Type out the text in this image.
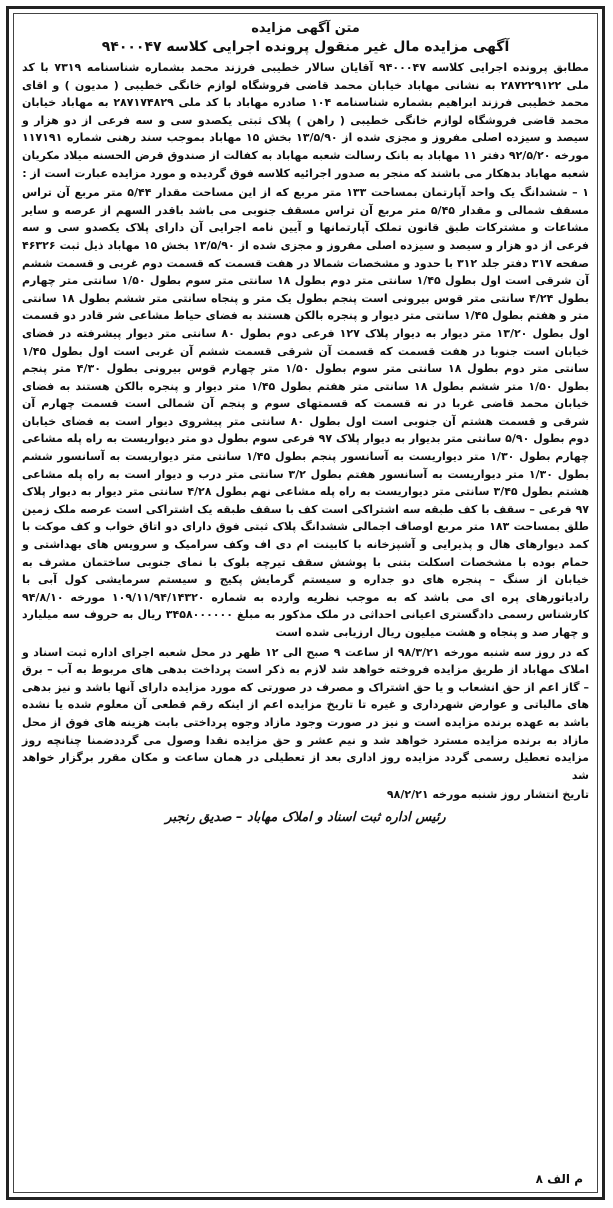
متن آگهی مزایده
آگهی مزایده مال غیر منقول پرونده اجرایی کلاسه ۹۴۰۰۰۴۷

مطابق پرونده اجرایی کلاسه ۹۴۰۰۰۴۷ آقایان سالار خطیبی فرزند محمد بشماره شناسنامه ۷۳۱۹ با کد ملی ۲۸۷۲۲۹۱۲۲ به نشانی مهاباد خیابان محمد قاضی فروشگاه لوازم خانگی خطیبی ( مدیون ) و اقای محمد خطیبی فرزند ابراهیم بشماره شناسنامه ۱۰۴ صادره مهاباد با کد ملی ۲۸۷۱۷۴۸۲۹ به مهاباد خیابان محمد قاضی فروشگاه لوازم خانگی خطیبی ( راهن ) پلاک ثبتی یکصدو سی و سه فرعی از دو هزار و سیصد و سیزده اصلی مفروز و مجزی شده از ۱۳/۵/۹۰ بخش ۱۵ مهاباد بموجب سند رهنی شماره ۱۱۷۱۹۱ مورخه ۹۲/۵/۲۰ دفتر ۱۱ مهاباد به بانک رسالت شعبه مهاباد به کفالت از صندوق قرض الحسنه میلاد مکریان شعبه مهاباد بدهکار می باشند که منجر به صدور اجرائیه کلاسه فوق گردیده و مورد مزایده عبارت است از :

۱ – ششدانگ یک واحد آپارتمان بمساحت ۱۳۳ متر مربع که از این مساحت مقدار ۵/۴۴ متر مربع آن تراس مسقف شمالی و مقدار ۵/۴۵ متر مربع آن تراس مسقف جنوبی می باشد باقدر السهم از عرصه و سایر مشاعات و مشترکات طبق قانون تملک آپارتمانها و آیین نامه اجرایی آن دارای پلاک یکصدو سی و سه فرعی از دو هزار و سیصد و سیزده اصلی مفروز و مجزی شده از ۱۳/۵/۹۰ بخش ۱۵ مهاباد ذیل ثبت ۴۶۳۲۶ صفحه ۳۱۷ دفتر جلد ۳۱۲ با حدود و مشخصات شمالا در هفت قسمت که قسمت دوم غربی و قسمت ششم آن شرقی است اول بطول ۱/۴۵ سانتی متر دوم بطول ۱۸ سانتی متر سوم بطول ۱/۵۰ سانتی متر چهارم بطول ۴/۲۴ سانتی متر قوس بیرونی است پنجم بطول یک متر و پنجاه سانتی متر ششم بطول ۱۸ سانتی متر و هفتم بطول ۱/۴۵ سانتی متر دیوار و پنجره بالکن هستند به فضای حیاط مشاعی شر قادر دو قسمت اول بطول ۱۳/۲۰ متر دیوار به دیوار پلاک ۱۲۷ فرعی دوم بطول ۸۰ سانتی متر دیوار پیشرفته در فضای خیابان است جنوبا در هفت قسمت که قسمت آن شرقی قسمت ششم آن غربی است اول بطول ۱/۴۵ سانتی متر دوم بطول ۱۸ سانتی متر سوم بطول ۱/۵۰ متر چهارم قوس بیرونی بطول ۴/۳۰ متر پنجم بطول ۱/۵۰ متر ششم بطول ۱۸ سانتی متر هفتم بطول ۱/۴۵ متر دیوار و پنجره بالکن هستند به فضای خیابان محمد قاضی غربا در نه قسمت که قسمتهای سوم و پنجم آن شمالی است قسمت چهارم آن شرقی و قسمت هشتم آن جنوبی است اول بطول ۸۰ سانتی متر پیشروی دیوار است به فضای خیابان دوم بطول ۵/۹۰ سانتی متر بدیوار به دیوار پلاک ۹۷ فرعی سوم بطول دو متر دیواریست به راه پله مشاعی چهارم بطول ۱/۳۰ متر دیواریست به آسانسور پنجم بطول ۱/۴۵ سانتی متر دیواریست به آسانسور ششم بطول ۱/۳۰ متر دیواریست به آسانسور هفتم بطول ۳/۲ سانتی متر درب و دیوار است به راه پله مشاعی هشتم بطول ۳/۴۵ سانتی متر دیواریست به راه پله مشاعی نهم بطول ۴/۲۸ سانتی متر دیوار به دیوار پلاک ۹۷ فرعی – سقف با کف طبقه سه اشتراکی است کف با سقف طبقه یک اشتراکی است عرصه ملک زمین طلق بمساحت ۱۸۳ متر مربع اوصاف اجمالی ششدانگ پلاک ثبتی فوق دارای دو اتاق خواب و کف موکت با کمد دیوارهای هال و پذیرایی و آشپزخانه با کابینت ام دی اف وکف سرامیک و سرویس های بهداشتی و حمام بوده با مشخصات اسکلت بتنی با پوشش سقف تیرچه بلوک با نمای جنوبی ساختمان مشرف به خیابان از سنگ – پنجره های دو جداره و سیستم گرمایش پکیج و سیستم سرمایشی کول آبی با رادیاتورهای پره ای می باشد که به موجب نظریه وارده به شماره ۱۰۹/۱۱/۹۴/۱۴۳۲۰ مورخه ۹۴/۸/۱۰ کارشناس رسمی دادگستری اعیانی احداثی در ملک مذکور به مبلغ ۳۴۵۸۰۰۰۰۰۰ ریال به حروف سه میلیارد و چهار صد و پنجاه و هشت میلیون ریال ارزیابی شده است

که در روز سه شنبه مورخه ۹۸/۳/۲۱ از ساعت ۹ صبح الی ۱۲ ظهر در محل شعبه اجرای اداره ثبت اسناد و املاک مهاباد از طریق مزایده فروخته خواهد شد لازم به ذکر است پرداخت بدهی های مربوط به آب – برق – گاز اعم از حق انشعاب و یا حق اشتراک و مصرف در صورتی که مورد مزایده دارای آنها باشد و نیز بدهی های مالیاتی و عوارض شهرداری و غیره تا تاریخ مزایده اعم از اینکه رقم قطعی آن معلوم شده یا نشده باشد به عهده برنده مزایده است و نیز در صورت وجود مازاد وجوه پرداختی بابت هزینه های فوق از محل مازاد به برنده مزایده مسترد خواهد شد و نیم عشر و حق مزایده نقدا وصول می گرددضمنا چنانچه روز مزایده تعطیل رسمی گردد مزایده روز اداری بعد از تعطیلی در همان ساعت و مکان مقرر برگزار خواهد شد

تاریخ انتشار روز شنبه مورخه ۹۸/۲/۲۱

رئیس اداره ثبت اسناد و املاک مهاباد – صدیق رنجبر
م الف ۸
